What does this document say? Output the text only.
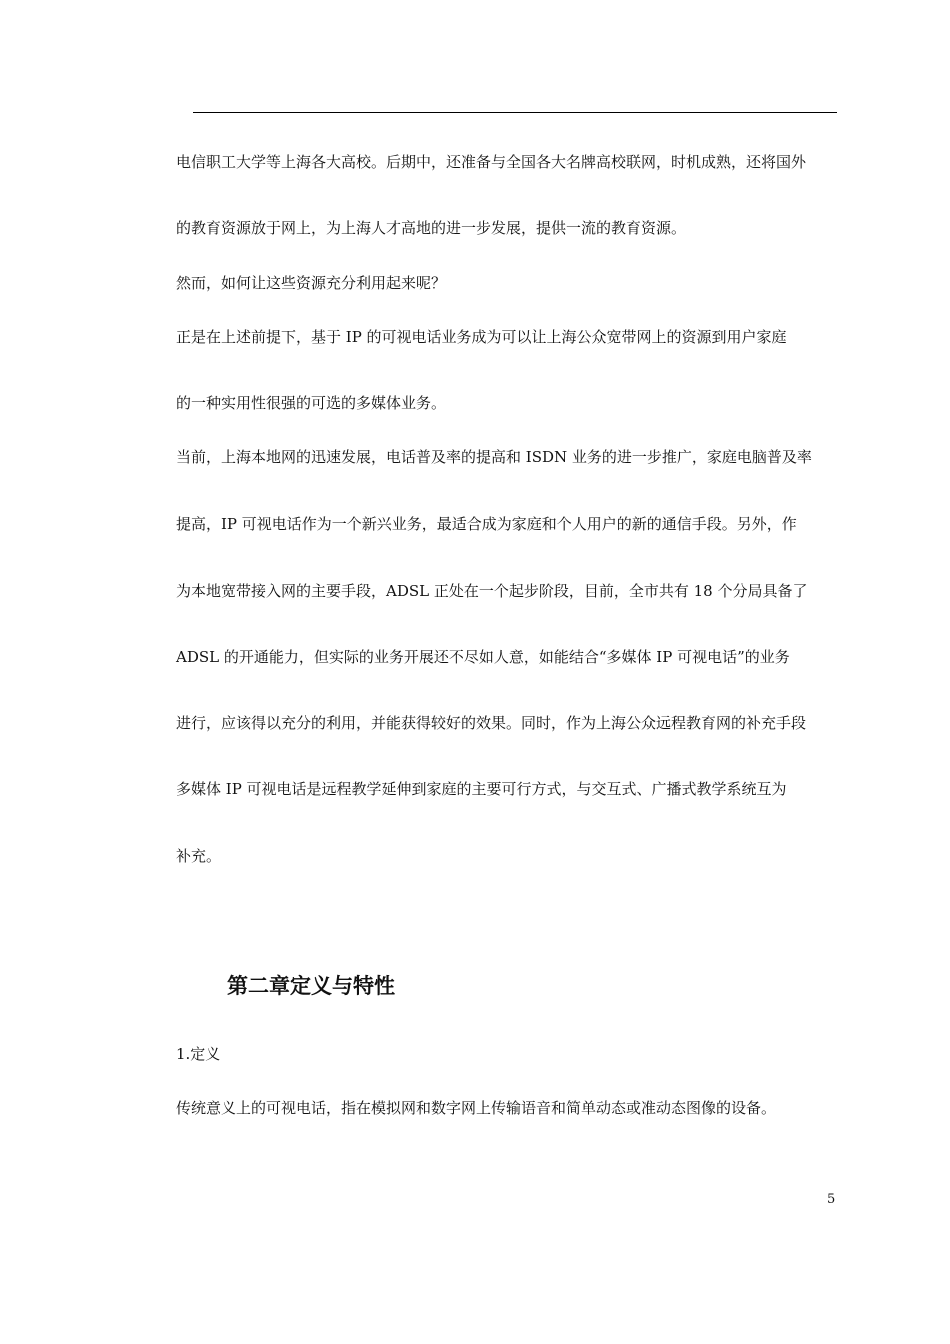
电信职工大学等上海各大高校。后期中，还准备与全国各大名牌高校联网，时机成熟，还将国外
的教育资源放于网上，为上海人才高地的进一步发展，提供一流的教育资源。
然而，如何让这些资源充分利用起来呢？
正是在上述前提下，基于 IP 的可视电话业务成为可以让上海公众宽带网上的资源到用户家庭
的一种实用性很强的可选的多媒体业务。
当前，上海本地网的迅速发展，电话普及率的提高和 ISDN 业务的进一步推广，家庭电脑普及率
提高，IP 可视电话作为一个新兴业务，最适合成为家庭和个人用户的新的通信手段。另外，作
为本地宽带接入网的主要手段，ADSL 正处在一个起步阶段，目前，全市共有 18 个分局具备了
ADSL 的开通能力，但实际的业务开展还不尽如人意，如能结合“多媒体 IP 可视电话”的业务
进行，应该得以充分的利用，并能获得较好的效果。同时，作为上海公众远程教育网的补充手段
多媒体 IP 可视电话是远程教学延伸到家庭的主要可行方式，与交互式、广播式教学系统互为
补充。
第二章定义与特性
1.定义
传统意义上的可视电话，指在模拟网和数字网上传输语音和简单动态或准动态图像的设备。
5
